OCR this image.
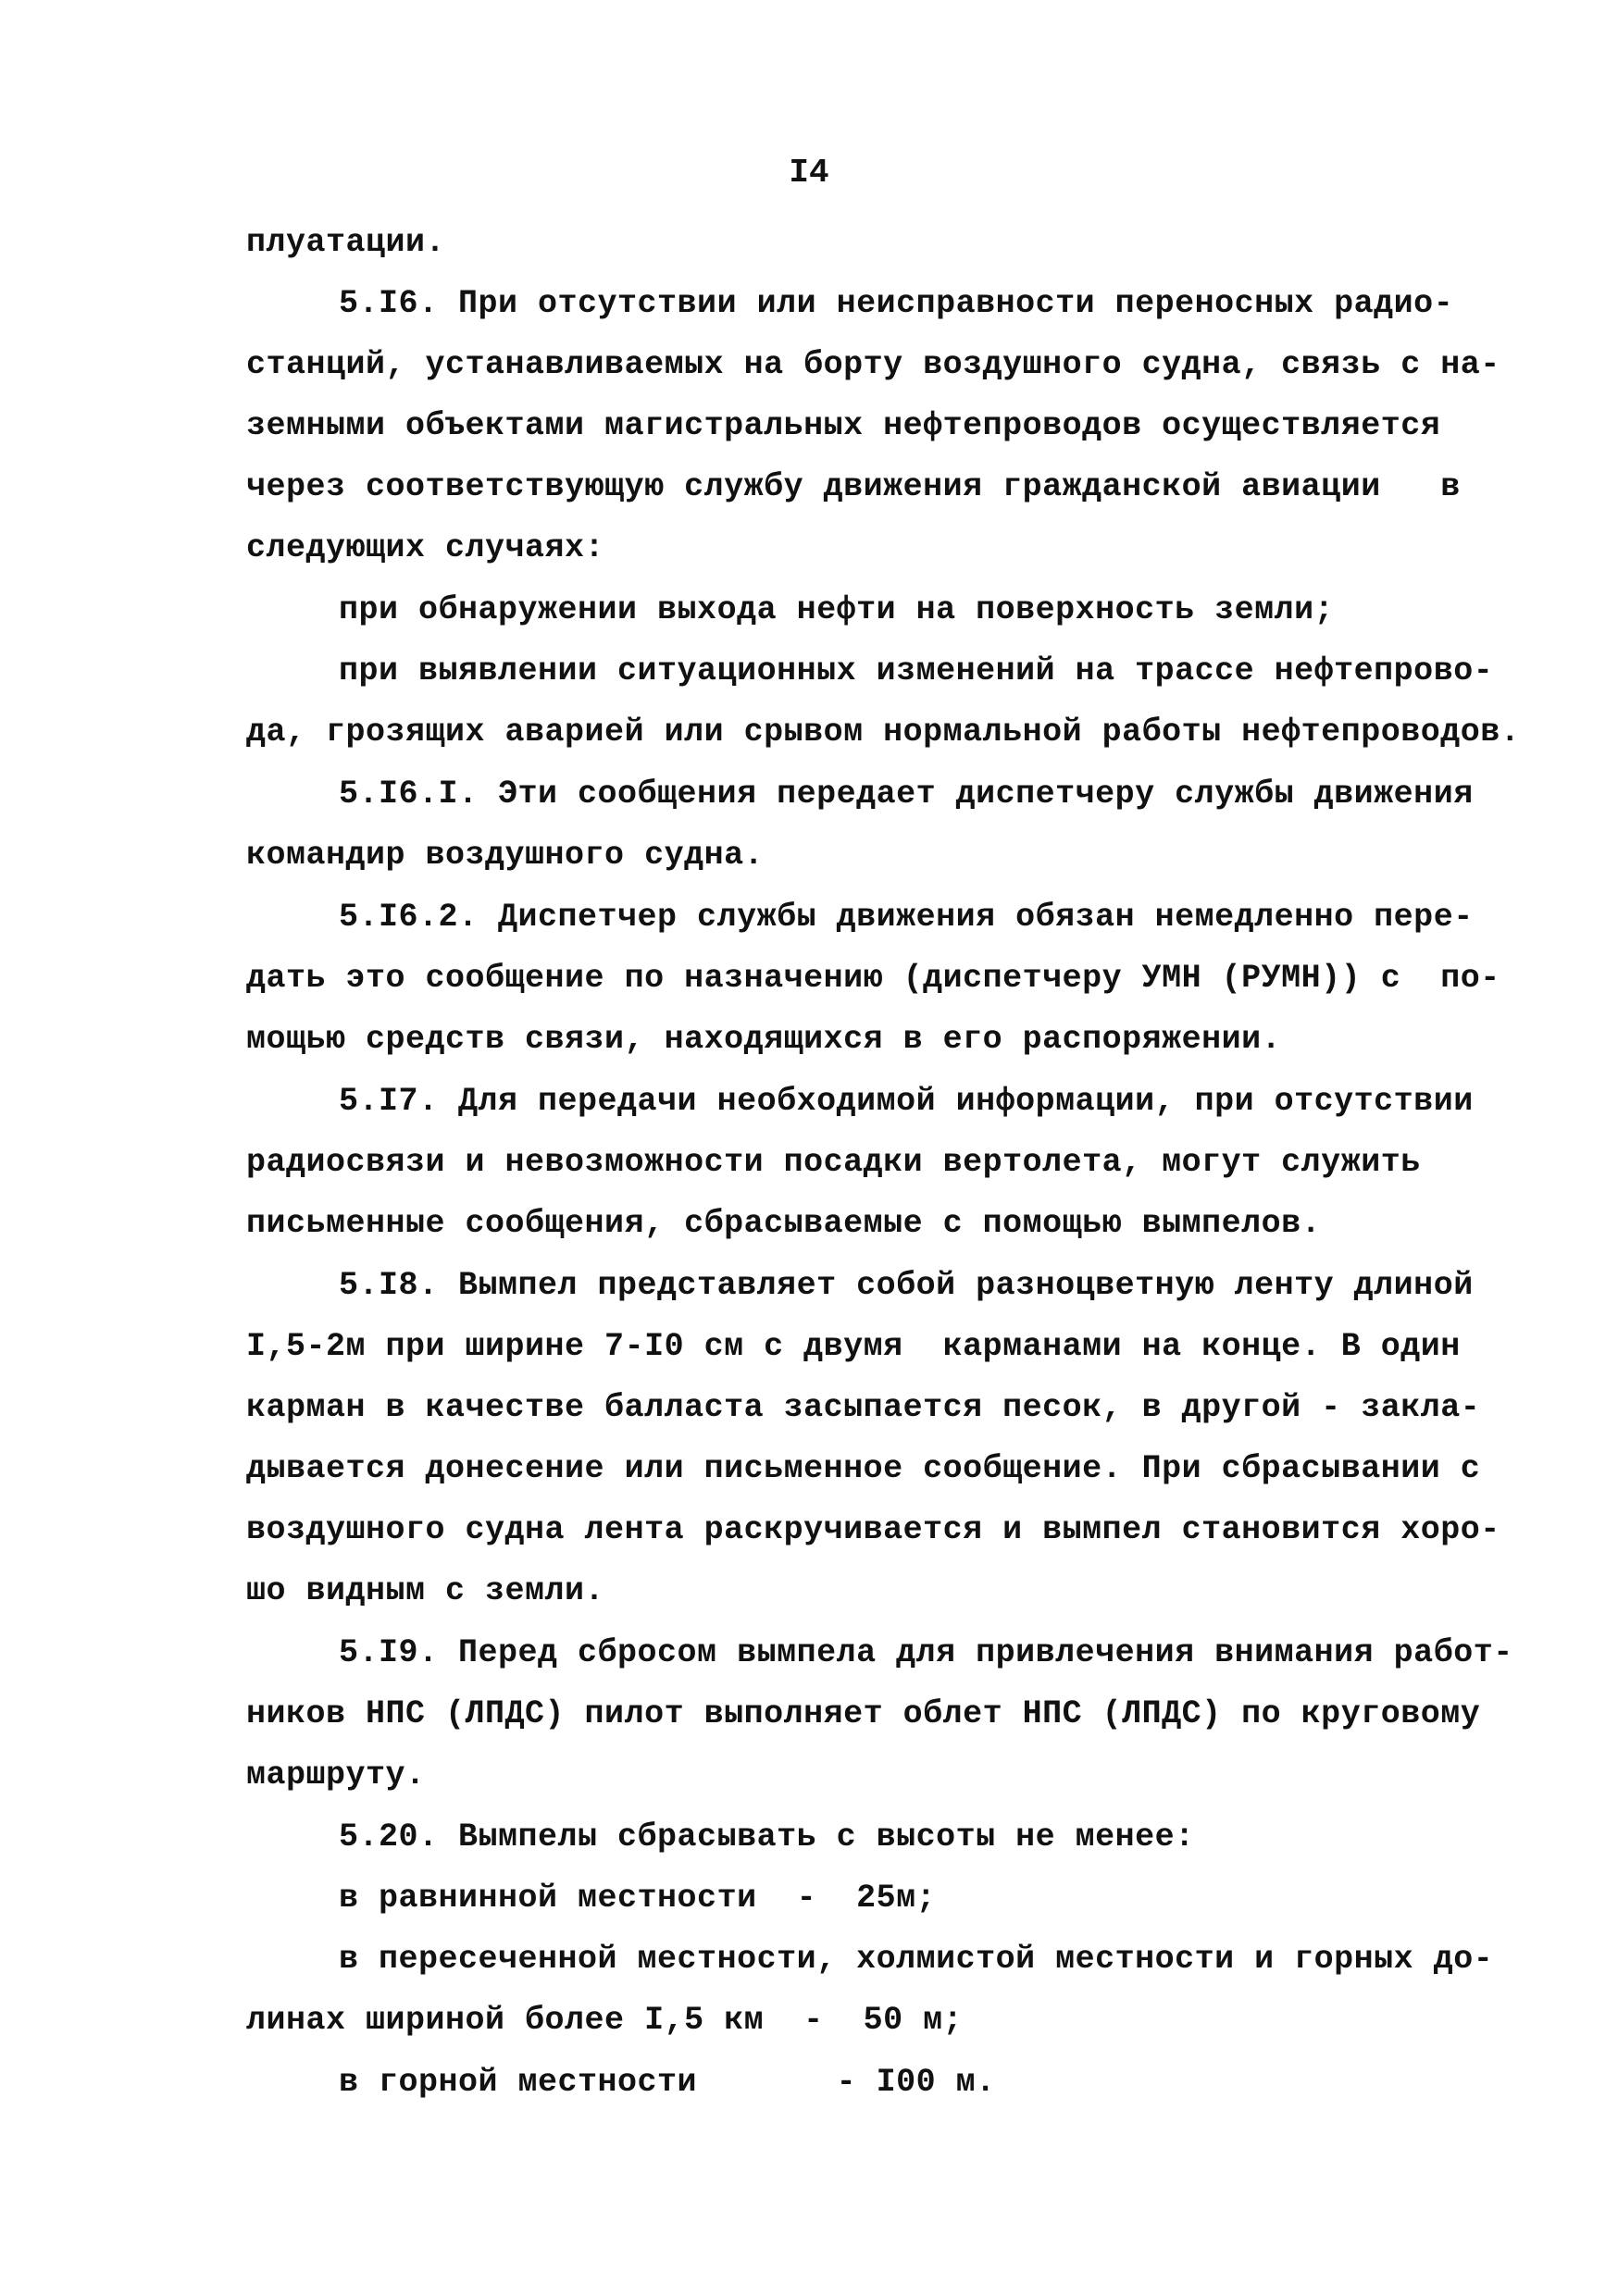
I4
плуатации.
5.I6. При отсутствии или неисправности переносных радио-
станций, устанавливаемых на борту воздушного судна, связь с на-
земными объектами магистральных нефтепроводов осуществляется
через соответствующую службу движения гражданской авиации   в
следующих случаях:
при обнаружении выхода нефти на поверхность земли;
при выявлении ситуационных изменений на трассе нефтепрово-
да, грозящих аварией или срывом нормальной работы нефтепроводов.
5.I6.I. Эти сообщения передает диспетчеру службы движения
командир воздушного судна.
5.I6.2. Диспетчер службы движения обязан немедленно пере-
дать это сообщение по назначению (диспетчеру УМН (РУМН)) с  по-
мощью средств связи, находящихся в его распоряжении.
5.I7. Для передачи необходимой информации, при отсутствии
радиосвязи и невозможности посадки вертолета, могут служить
письменные сообщения, сбрасываемые с помощью вымпелов.
5.I8. Вымпел представляет собой разноцветную ленту длиной
I,5-2м при ширине 7-I0 см с двумя  карманами на конце. В один
карман в качестве балласта засыпается песок, в другой - закла-
дывается донесение или письменное сообщение. При сбрасывании с
воздушного судна лента раскручивается и вымпел становится хоро-
шо видным с земли.
5.I9. Перед сбросом вымпела для привлечения внимания работ-
ников НПС (ЛПДС) пилот выполняет облет НПС (ЛПДС) по круговому
маршруту.
5.20. Вымпелы сбрасывать с высоты не менее:
в равнинной местности  -  25м;
в пересеченной местности, холмистой местности и горных до-
линах шириной более I,5 км  -  50 м;
в горной местности       - I00 м.
